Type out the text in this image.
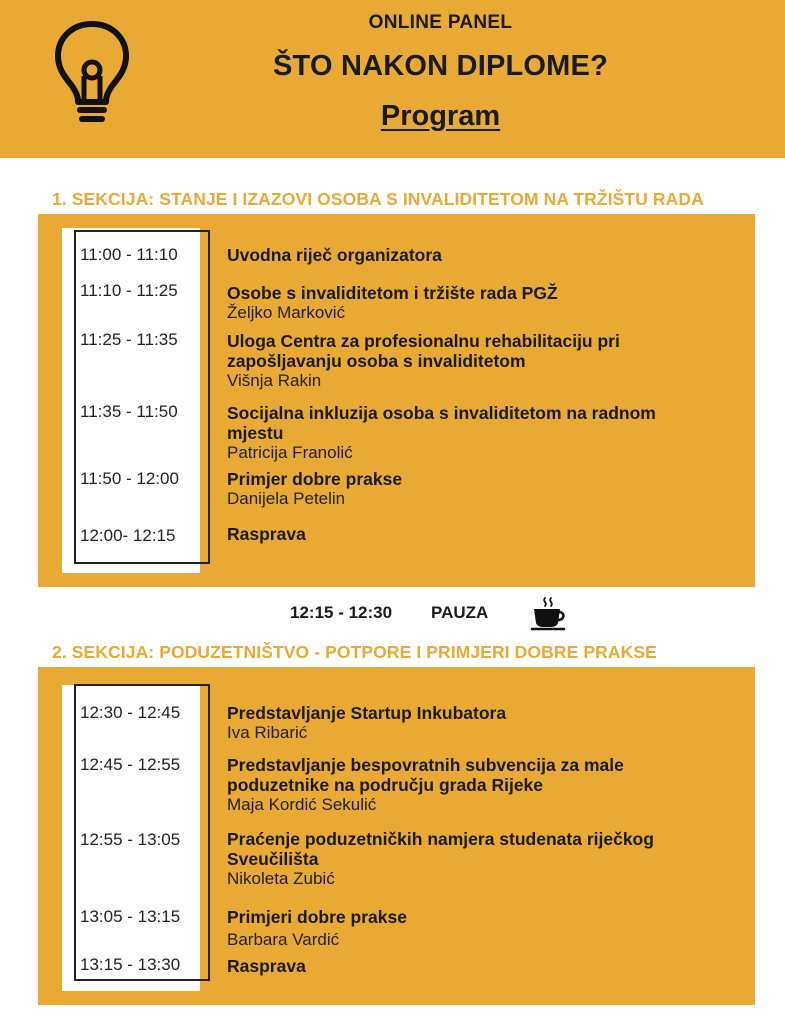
ONLINE PANEL
ŠTO NAKON DIPLOME?
Program
1. SEKCIJA: STANJE I IZAZOVI OSOBA S INVALIDITETOM NA TRŽIŠTU RADA
11:00 - 11:10	Uvodna riječ organizatora
11:10 - 11:25	Osobe s invaliditetom i tržište rada PGŽ
Željko Marković
11:25 - 11:35	Uloga Centra za profesionalnu rehabilitaciju pri zapošljavanju osoba s invaliditetom
Višnja Rakin
11:35 - 11:50	Socijalna inkluzija osoba s invaliditetom na radnom mjestu
Patricija Franolić
11:50 - 12:00	Primjer dobre prakse
Danijela Petelin
12:00- 12:15	Rasprava
12:15 - 12:30 PAUZA
2. SEKCIJA: PODUZETNIŠTVO - POTPORE I PRIMJERI DOBRE PRAKSE
12:30 - 12:45	Predstavljanje Startup Inkubatora
Iva Ribarić
12:45 - 12:55	Predstavljanje bespovratnih subvencija za male poduzetnike na području grada Rijeke
Maja Kordić Sekulić
12:55 - 13:05	Praćenje poduzetničkih namjera studenata riječkog Sveučilišta
Nikoleta Zubić
13:05 - 13:15	Primjeri dobre prakse
Barbara Vardić
13:15 - 13:30	Rasprava
